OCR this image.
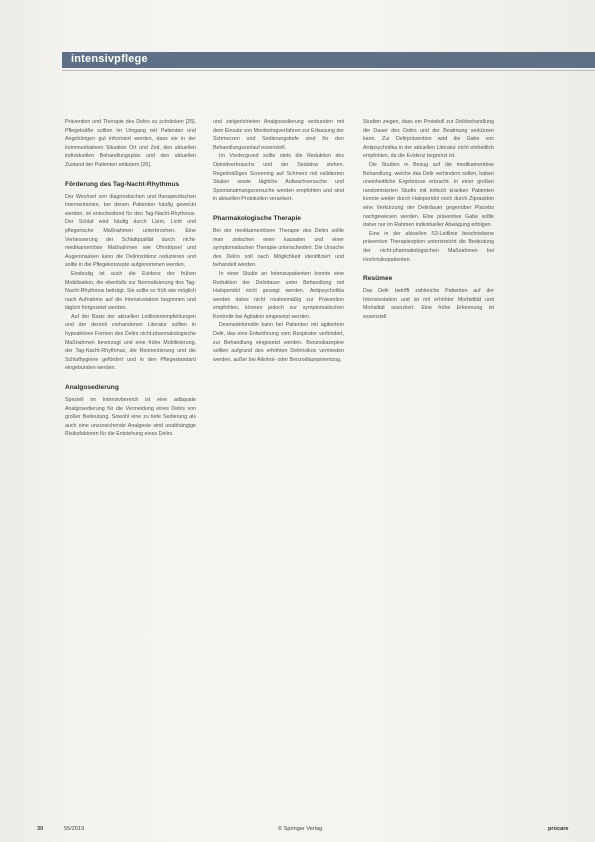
intensivpflege

Prävention und Therapie des Delirs zu schränken [25]. Pflegekräfte sollten im Umgang mit Patienten und Angehörigen gut informiert werden, dass sie in der kommunikativen Situation Ort und Zeit, den aktuellen individuellen Behandlungsplan und den aktuellen Zustand der Patienten erläutern [26].

Förderung des Tag-Nacht-Rhythmus

Der Wechsel von diagnostischen und therapeutischen Interventionen, bei denen Patienten häufig geweckt werden, ist entscheidend für den Tag-Nacht-Rhythmus. Der Schlaf wird häufig durch Lärm, Licht und pflegerische Maßnahmen unterbrochen. Eine Verbesserung der Schlafqualität durch nicht-medikamentöse Maßnahmen wie Ohrstöpsel und Augenmasken kann die Delirinzidenz reduzieren und sollte in die Pflegekonzepte aufgenommen werden.

Eindeutig ist auch die Evidenz der frühen Mobilisation, die ebenfalls zur Normalisierung des Tag-Nacht-Rhythmus beiträgt. Sie sollte so früh wie möglich nach Aufnahme auf die Intensivstation begonnen und täglich fortgesetzt werden.

Auf der Basis der aktuellen Leitlinienempfehlungen und der derzeit vorhandenen Literatur sollten in hypoaktiven Formen des Delirs nicht-pharmakologische Maßnahmen bevorzugt und eine frühe Mobilisierung, der Tag-Nacht-Rhythmus, die Reorientierung und die Schlafhygiene gefördert und in den Pflegestandard eingebunden werden.

Analgosedierung

Speziell im Intensivbereich ist eine adäquate Analgosedierung für die Vermeidung eines Delirs von großer Bedeutung. Sowohl eine zu tiefe Sedierung als auch eine unzureichende Analgesie sind unabhängige Risikofaktoren für die Entstehung eines Delirs.

und zielgerichteten Analgosedierung verbunden mit dem Einsatz von Monitoringverfahren zur Erfassung der Schmerzen und Sedierungstiefe sind für den Behandlungsverlauf essenziell.

Im Vordergrund sollte stets die Reduktion des Opioidverbrauchs und der Sedativa stehen. Regelmäßiges Screening auf Schmerz mit validierten Skalen sowie tägliche Aufwachversuche und Spontanatmungsversuche werden empfohlen und sind in aktuellen Protokollen verankert.

Pharmakologische Therapie

Bei der medikamentösen Therapie des Delirs sollte man zwischen einer kausalen und einer symptomatischen Therapie unterscheiden. Die Ursache des Delirs soll nach Möglichkeit identifiziert und behandelt werden.

In einer Studie an Intensivpatienten konnte eine Reduktion der Delirdauer unter Behandlung mit Haloperidol nicht gezeigt werden. Antipsychotika werden daher nicht routinemäßig zur Prävention empfohlen, können jedoch zur symptomatischen Kontrolle bei Agitation eingesetzt werden.

Dexmedetomidin kann bei Patienten mit agitiertem Delir, das eine Entwöhnung vom Respirator verhindert, zur Behandlung eingesetzt werden. Benzodiazepine sollten aufgrund des erhöhten Delirrisikos vermieden werden, außer bei Alkohol- oder Benzodiazepinentzug.

Studien zeigen, dass ein Protokoll zur Delirbehandlung die Dauer des Delirs und der Beatmung verkürzen kann. Zur Delirprävention wird die Gabe von Antipsychotika in der aktuellen Literatur nicht einheitlich empfohlen, da die Evidenz begrenzt ist.

Die Studien in Bezug auf die medikamentöse Behandlung, welche das Delir verhindern sollen, haben uneinheitliche Ergebnisse erbracht. In einer großen randomisierten Studie mit kritisch kranken Patienten konnte weder durch Haloperidol noch durch Ziprasidon eine Verkürzung der Delirdauer gegenüber Placebo nachgewiesen werden. Eine präventive Gabe sollte daher nur im Rahmen individueller Abwägung erfolgen.

Eine in der aktuellen S3-Leitlinie beschriebene präventive Therapieoption unterstreicht die Bedeutung der nicht-pharmakologischen Maßnahmen bei Hochrisikopatienten.

Resümee

Das Delir betrifft zahlreiche Patienten auf der Intensivstation und ist mit erhöhter Morbidität und Mortalität assoziiert. Eine frühe Erkennung ist essenziell.

30	55/2019	© Springer Verlag	procare
